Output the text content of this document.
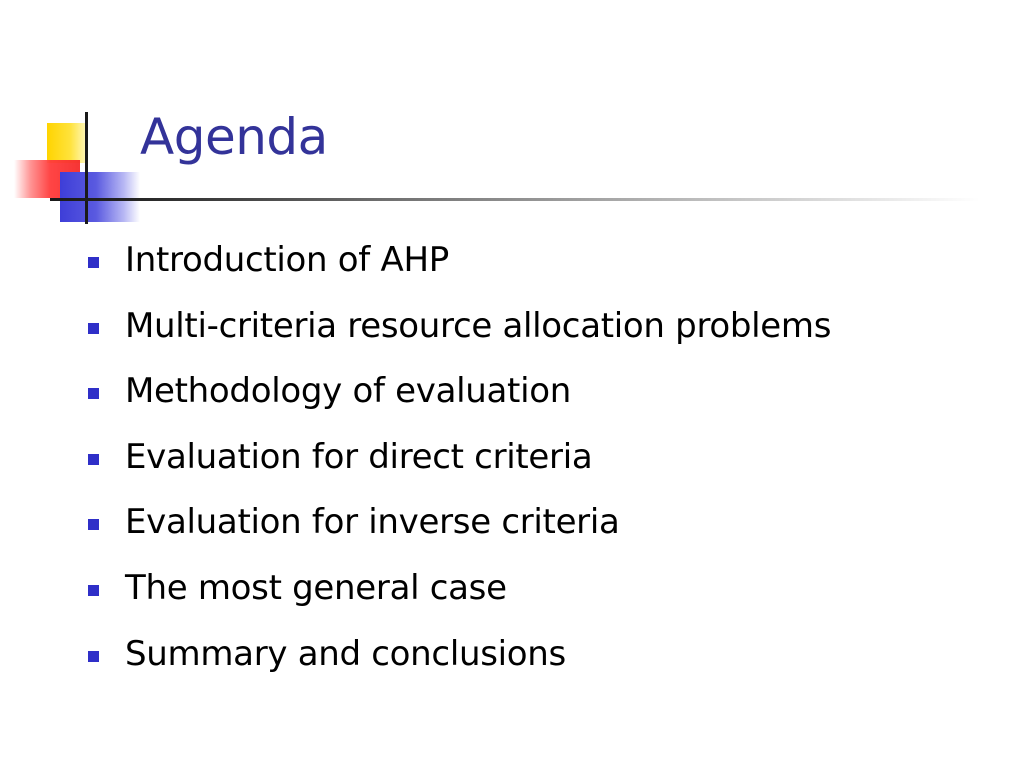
Agenda
Introduction of AHP
Multi-criteria resource allocation problems
Methodology of evaluation
Evaluation for direct criteria
Evaluation for inverse criteria
The most general case
Summary and conclusions
